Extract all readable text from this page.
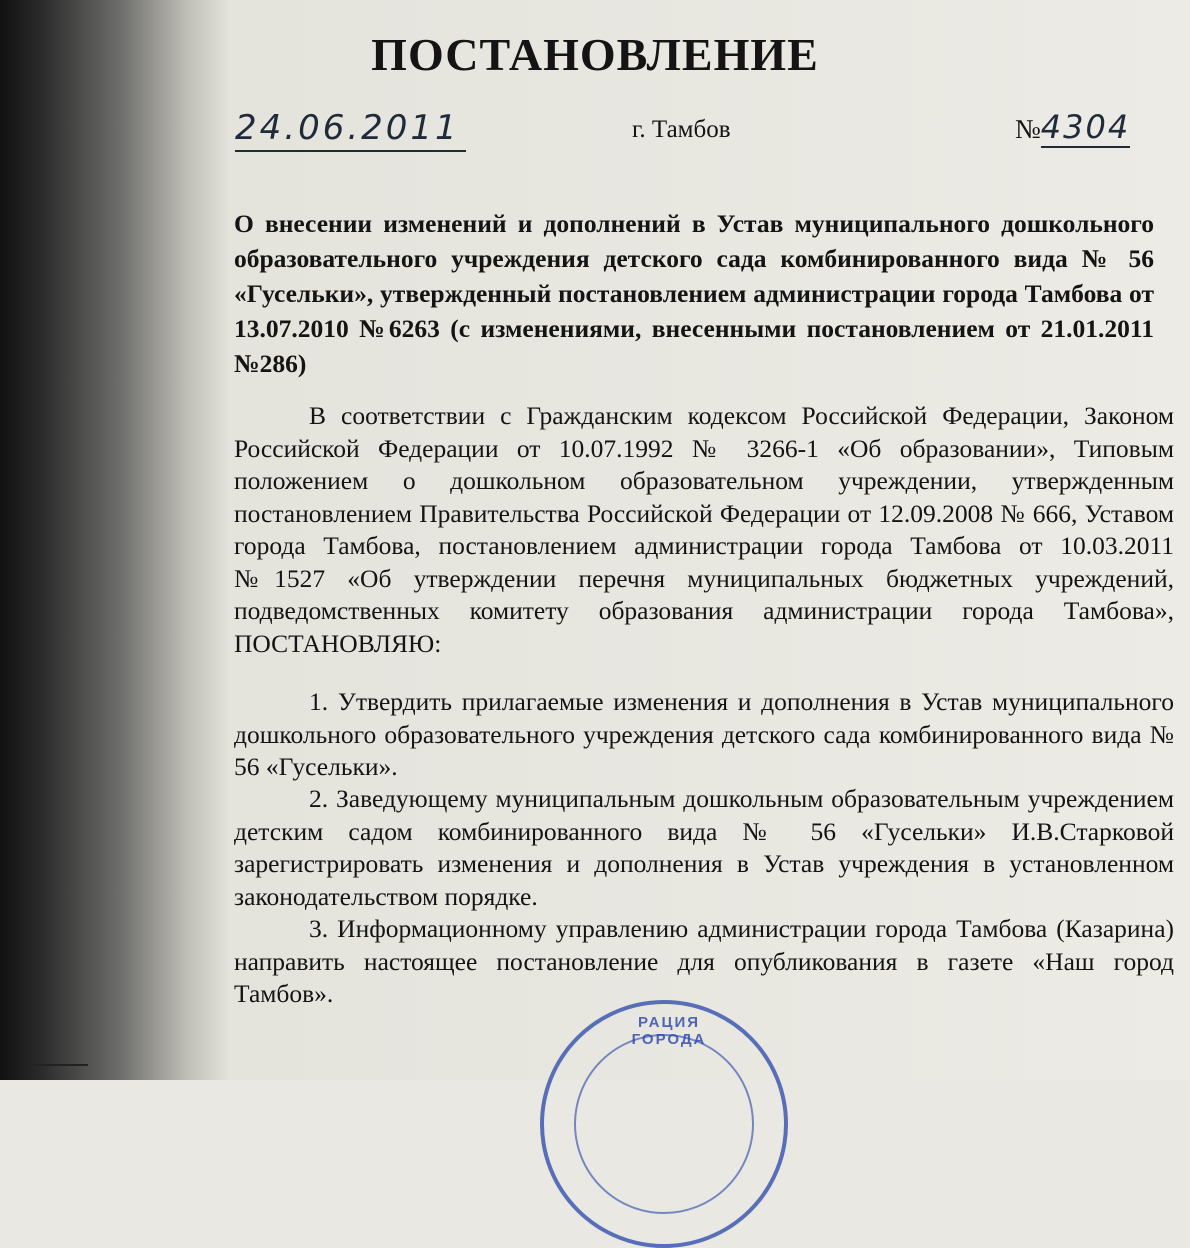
ПОСТАНОВЛЕНИЕ
24.06.2011	г. Тамбов	№4304
О внесении изменений и дополнений в Устав муниципального дошкольного образовательного учреждения детского сада комбинированного вида № 56 «Гусельки», утвержденный постановлением администрации города Тамбова от 13.07.2010 №6263 (с изменениями, внесенными постановлением от 21.01.2011 №286)
В соответствии с Гражданским кодексом Российской Федерации, Законом Российской Федерации от 10.07.1992 № 3266-1 «Об образовании», Типовым положением о дошкольном образовательном учреждении, утвержденным постановлением Правительства Российской Федерации от 12.09.2008 № 666, Уставом города Тамбова, постановлением администрации города Тамбова от 10.03.2011 №1527 «Об утверждении перечня муниципальных бюджетных учреждений, подведомственных комитету образования администрации города Тамбова», ПОСТАНОВЛЯЮ:
1. Утвердить прилагаемые изменения и дополнения в Устав муниципального дошкольного образовательного учреждения детского сада комбинированного вида № 56 «Гусельки».
2. Заведующему муниципальным дошкольным образовательным учреждением детским садом комбинированного вида № 56 «Гусельки» И.В.Старковой зарегистрировать изменения и дополнения в Устав учреждения в установленном законодательством порядке.
3. Информационному управлению администрации города Тамбова (Казарина) направить настоящее постановление для опубликования в газете «Наш город Тамбов».
РАЦИЯ ГОРОДА
